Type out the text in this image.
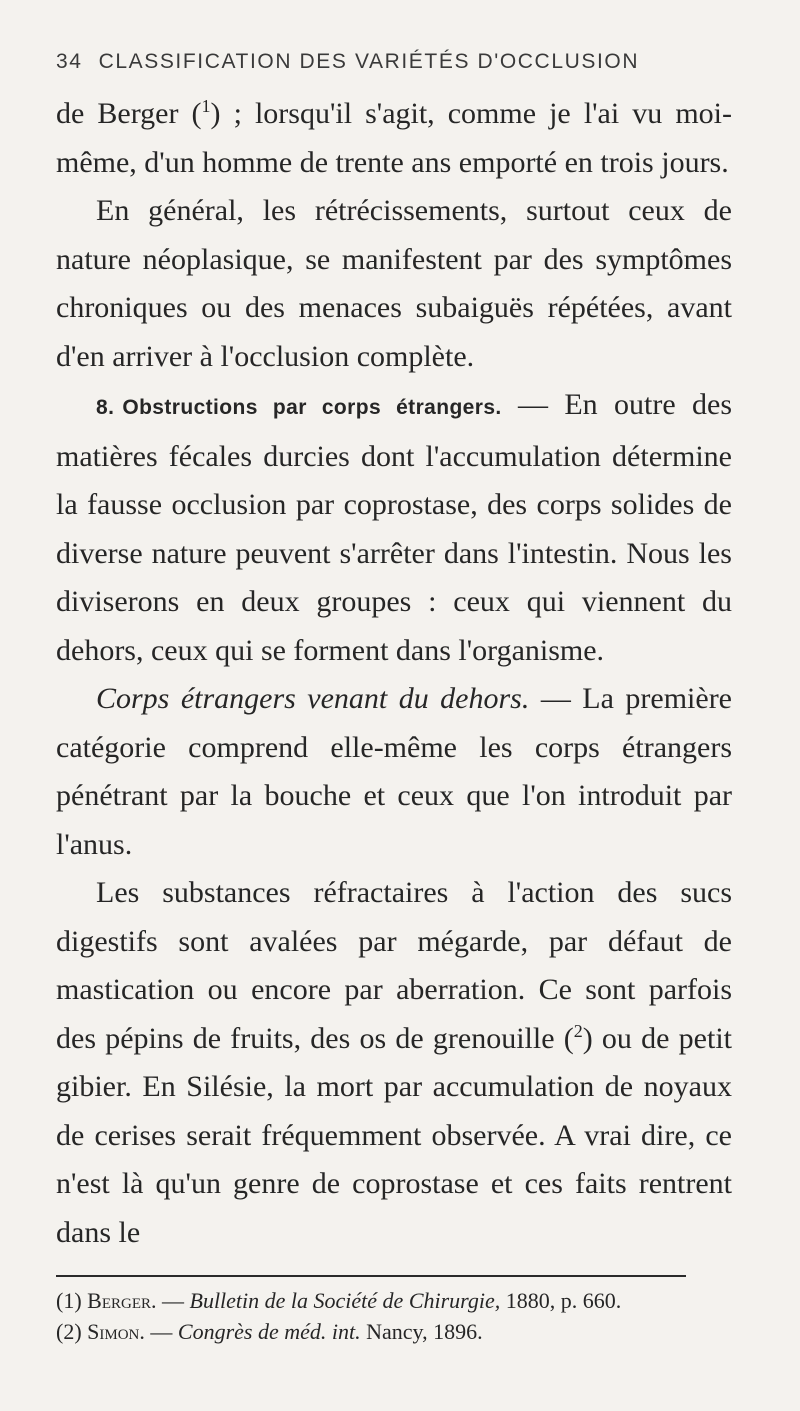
34 CLASSIFICATION DES VARIÉTÉS D'OCCLUSION

de Berger ($^1$) ; lorsqu'il s'agit, comme je l'ai vu moi-même, d'un homme de trente ans emporté en trois jours.

En général, les rétrécissements, surtout ceux de nature néoplasique, se manifestent par des symptômes chroniques ou des menaces subaiguës répétées, avant d'en arriver à l'occlusion complète.

8. Obstructions par corps étrangers. — En outre des matières fécales durcies dont l'accumulation détermine la fausse occlusion par coprostase, des corps solides de diverse nature peuvent s'arrêter dans l'intestin. Nous les diviserons en deux groupes : ceux qui viennent du dehors, ceux qui se forment dans l'organisme.

Corps étrangers venant du dehors. — La première catégorie comprend elle-même les corps étrangers pénétrant par la bouche et ceux que l'on introduit par l'anus.

Les substances réfractaires à l'action des sucs digestifs sont avalées par mégarde, par défaut de mastication ou encore par aberration. Ce sont parfois des pépins de fruits, des os de grenouille ($^2$) ou de petit gibier. En Silésie, la mort par accumulation de noyaux de cerises serait fréquemment observée. A vrai dire, ce n'est là qu'un genre de coprostase et ces faits rentrent dans le

(1) Berger. — Bulletin de la Société de Chirurgie, 1880, p. 660.

(2) Simon. — Congrès de méd. int. Nancy, 1896.
